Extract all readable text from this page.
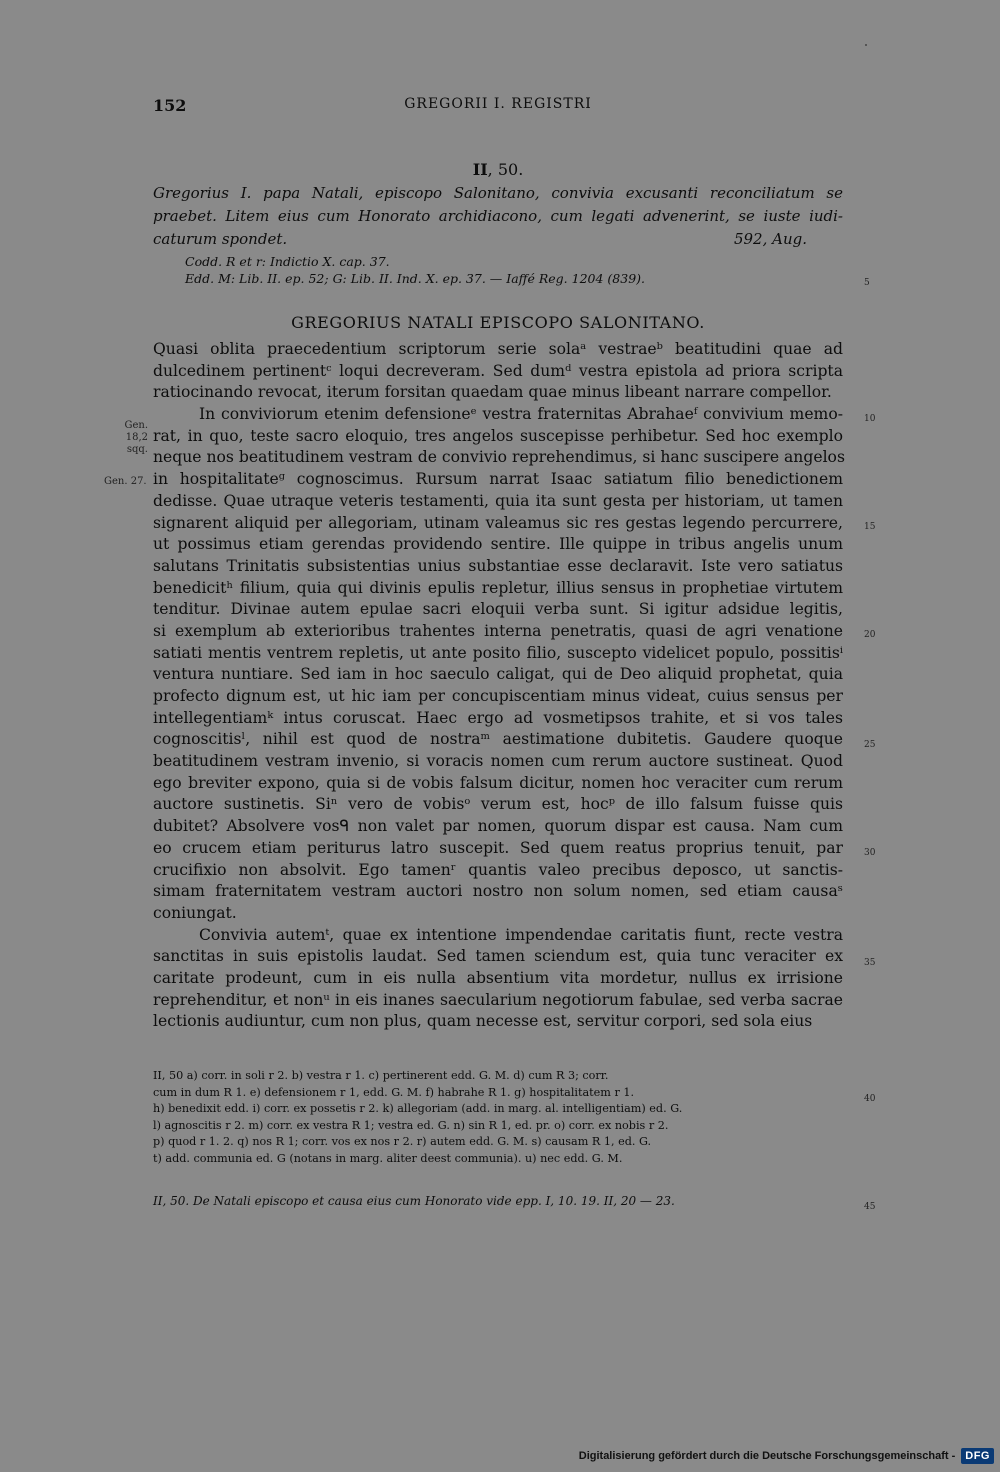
152	GREGORII I. REGISTRI
II, 50.
Gregorius I. papa Natali, episcopo Salonitano, convivia excusanti reconciliatum se
praebet. Litem eius cum Honorato archidiacono, cum legati advenerint, se iuste iudi-
caturum spondet.	592, Aug.
Codd. R et r: Indictio X. cap. 37.
Edd. M: Lib. II. ep. 52; G: Lib. II. Ind. X. ep. 37. — Iaffé Reg. 1204 (839).
GREGORIUS NATALI EPISCOPO SALONITANO.
Quasi oblita praecedentium scriptorum serie solaᵃ vestraeᵇ beatitudini quae ad
dulcedinem pertinentᶜ loqui decreveram. Sed dumᵈ vestra epistola ad priora scripta
ratiocinando revocat, iterum forsitan quaedam quae minus libeant narrare compellor.
In conviviorum etenim defensioneᵉ vestra fraternitas Abrahaeᶠ convivium memo-
rat, in quo, teste sacro eloquio, tres angelos suscepisse perhibetur. Sed hoc exemplo
neque nos beatitudinem vestram de convivio reprehendimus, si hanc suscipere angelos
in hospitalitateᵍ cognoscimus. Rursum narrat Isaac satiatum filio benedictionem
dedisse. Quae utraque veteris testamenti, quia ita sunt gesta per historiam, ut tamen
signarent aliquid per allegoriam, utinam valeamus sic res gestas legendo percurrere,
ut possimus etiam gerendas providendo sentire. Ille quippe in tribus angelis unum
salutans Trinitatis subsistentias unius substantiae esse declaravit. Iste vero satiatus
benedicitʰ filium, quia qui divinis epulis repletur, illius sensus in prophetiae virtutem
tenditur. Divinae autem epulae sacri eloquii verba sunt. Si igitur adsidue legitis,
si exemplum ab exterioribus trahentes interna penetratis, quasi de agri venatione
satiati mentis ventrem repletis, ut ante posito filio, suscepto videlicet populo, possitisⁱ
ventura nuntiare. Sed iam in hoc saeculo caligat, qui de Deo aliquid prophetat, quia
profecto dignum est, ut hic iam per concupiscentiam minus videat, cuius sensus per
intellegentiamᵏ intus coruscat. Haec ergo ad vosmetipsos trahite, et si vos tales
cognoscitisˡ, nihil est quod de nostraᵐ aestimatione dubitetis. Gaudere quoque
beatitudinem vestram invenio, si voracis nomen cum rerum auctore sustineat. Quod
ego breviter expono, quia si de vobis falsum dicitur, nomen hoc veraciter cum rerum
auctore sustinetis. Siⁿ vero de vobisᵒ verum est, hocᵖ de illo falsum fuisse quis
dubitet? Absolvere vosᑫ non valet par nomen, quorum dispar est causa. Nam cum
eo crucem etiam periturus latro suscepit. Sed quem reatus proprius tenuit, par
crucifixio non absolvit. Ego tamenʳ quantis valeo precibus deposco, ut sanctis-
simam fraternitatem vestram auctori nostro non solum nomen, sed etiam causaˢ
coniungat.
Convivia autemᵗ, quae ex intentione impendendae caritatis fiunt, recte vestra
sanctitas in suis epistolis laudat. Sed tamen sciendum est, quia tunc veraciter ex
caritate prodeunt, cum in eis nulla absentium vita mordetur, nullus ex irrisione
reprehenditur, et nonᵘ in eis inanes saecularium negotiorum fabulae, sed verba sacrae
lectionis audiuntur, cum non plus, quam necesse est, servitur corpori, sed sola eius
5
10
15
20
25
30
35
40
45
Gen. 18,2 sqq.
Gen. 27.
II, 50 a) corr. in soli r 2. b) vestra r 1. c) pertinerent edd. G. M. d) cum R 3; corr.
cum in dum R 1. e) defensionem r 1, edd. G. M. f) habrahe R 1. g) hospitalitatem r 1.
h) benedixit edd. i) corr. ex possetis r 2. k) allegoriam (add. in marg. al. intelligentiam) ed. G.
l) agnoscitis r 2. m) corr. ex vestra R 1; vestra ed. G. n) sin R 1, ed. pr. o) corr. ex nobis r 2.
p) quod r 1. 2. q) nos R 1; corr. vos ex nos r 2. r) autem edd. G. M. s) causam R 1, ed. G.
t) add. communia ed. G (notans in marg. aliter deest communia). u) nec edd. G. M.
II, 50. De Natali episcopo et causa eius cum Honorato vide epp. I, 10. 19. II, 20 — 23.
Digitalisierung gefördert durch die Deutsche Forschungsgemeinschaft - DFG
